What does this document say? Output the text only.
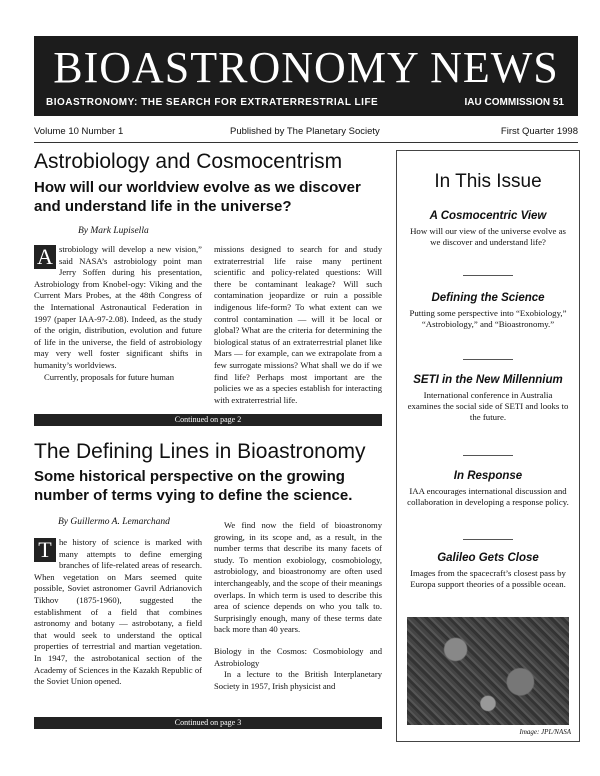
BIOASTRONOMY NEWS
BIOASTRONOMY: THE SEARCH FOR EXTRATERRESTRIAL LIFE	IAU COMMISSION 51
Volume 10 Number 1	Published by The Planetary Society	First Quarter 1998
Astrobiology and Cosmocentrism
How will our worldview evolve as we discover and understand life in the universe?
By Mark Lupisella
A strobiology will develop a new vision,” said NASA’s astrobiology point man Jerry Soffen during his presentation, Astrobiology from Knobel-ogy: Viking and the Current Mars Probes, at the 48th Congress of the International Astronautical Federation in 1997 (paper IAA-97-2.08). Indeed, as the study of the origin, distribution, evolution and future of life in the universe, the field of astrobiology may very well foster significant shifts in humanity’s worldviews.
Currently, proposals for future human
missions designed to search for and study extraterrestrial life raise many pertinent scientific and policy-related questions: Will there be contaminant leakage? Will such contamination jeopardize or ruin a possible indigenous life-form? To what extent can we control contamination — will it be local or global? What are the criteria for determining the biological status of an extraterrestrial planet like Mars — for example, can we extrapolate from a few surrogate missions? What shall we do if we find life? Perhaps most important are the policies we as a species establish for interacting with extraterrestrial life.
Continued on page 2
The Defining Lines in Bioastronomy
Some historical perspective on the growing number of terms vying to define the science.
By Guillermo A. Lemarchand
T he history of science is marked with many attempts to define emerging branches of life-related areas of research. When vegetation on Mars seemed quite possible, Soviet astronomer Gavril Adrianovich Tikhov (1875-1960), suggested the establishment of a field that combines astronomy and botany — astrobotany, a field that would seek to understand the optical properties of terrestrial and martian vegetation. In 1947, the astrobotanical section of the Academy of Sciences in the Kazakh Republic of the Soviet Union opened.
We find now the field of bioastronomy growing, in its scope and, as a result, in the number terms that describe its many facets of study. To mention exobiology, cosmobiology, astrobiology, and bioastronomy are often used interchangeably, and the scope of their meanings overlaps. In which term is used to describe this area of science depends on who you talk to. Surprisingly enough, many of these terms date back more than 40 years.
Biology in the Cosmos: Cosmobiology and Astrobiology
In a lecture to the British Interplanetary Society in 1957, Irish physicist and
Continued on page 3
In This Issue
A Cosmocentric View
How will our view of the universe evolve as we discover and understand life?
Defining the Science
Putting some perspective into “Exobiology,” “Astrobiology,” and “Bioastronomy.”
SETI in the New Millennium
International conference in Australia examines the social side of SETI and looks to the future.
In Response
IAA encourages international discussion and collaboration in developing a response policy.
Galileo Gets Close
Images from the spacecraft’s closest pass by Europa support theories of a possible ocean.
Image: JPL/NASA
